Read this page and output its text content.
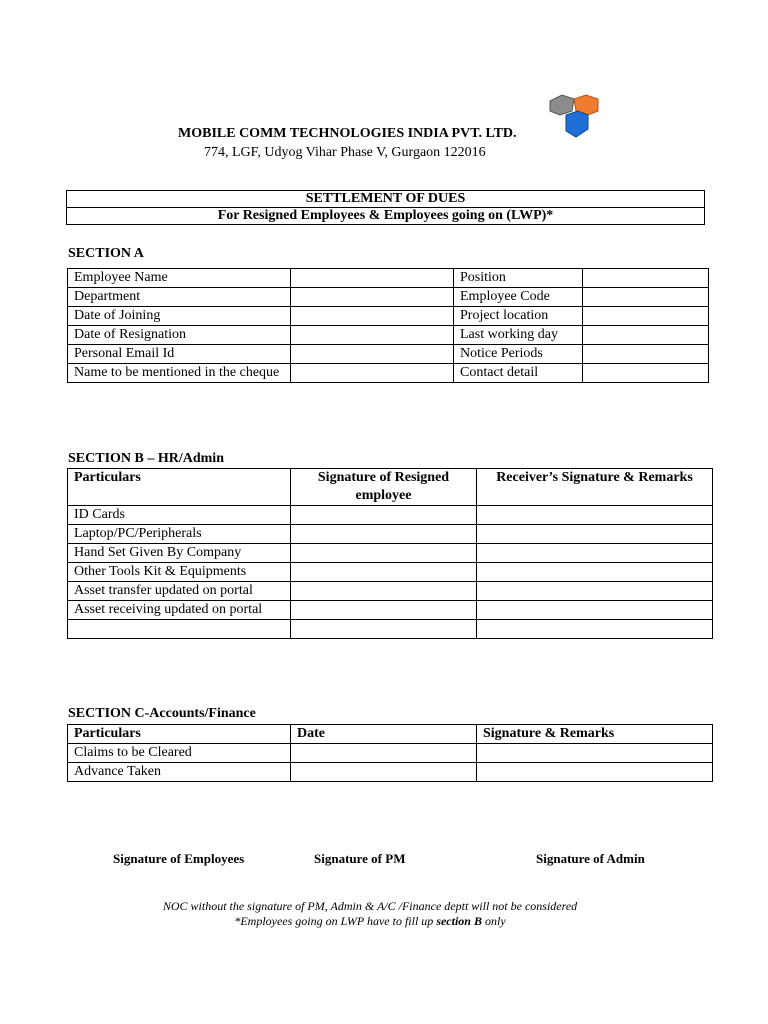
MOBILE COMM TECHNOLOGIES INDIA PVT. LTD.
774, LGF, Udyog Vihar Phase V, Gurgaon 122016
SETTLEMENT OF DUES
For Resigned Employees & Employees going on (LWP)*
SECTION A
Employee Name		Position	
Department		Employee Code	
Date of Joining		Project location	
Date of Resignation		Last working day	
Personal Email Id		Notice Periods	
Name to be mentioned in the cheque		Contact detail	
SECTION B – HR/Admin
Particulars	Signature of Resigned employee	Receiver’s Signature & Remarks
ID Cards		
Laptop/PC/Peripherals		
Hand Set Given By Company		
Other Tools Kit & Equipments		
Asset transfer updated on portal		
Asset receiving updated on portal		

SECTION C-Accounts/Finance
Particulars	Date	Signature & Remarks
Claims to be Cleared		
Advance Taken		
Signature of Employees	Signature of PM	Signature of Admin
NOC without the signature of PM, Admin & A/C /Finance deptt will not be considered
*Employees going on LWP have to fill up section B only
